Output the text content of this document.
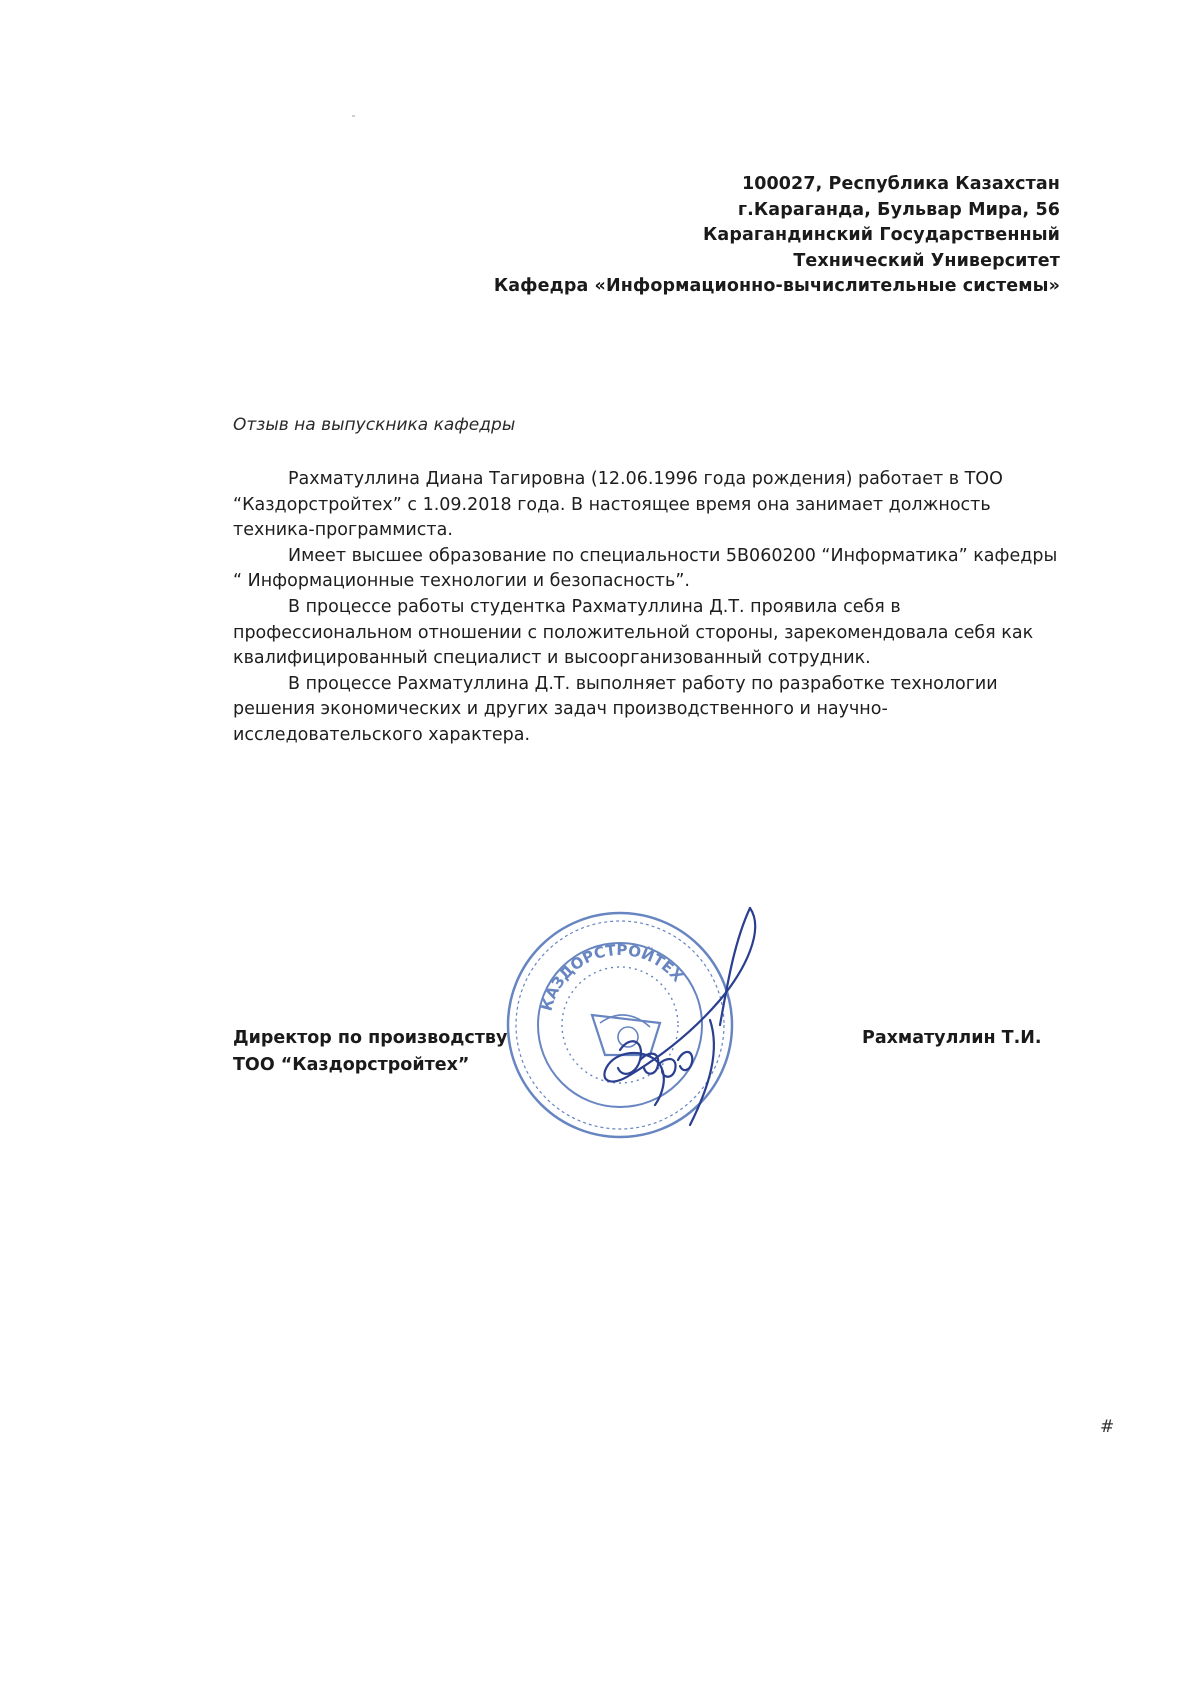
100027, Республика Казахстан
г.Караганда, Бульвар Мира, 56
Карагандинский Государственный
Технический Университет
Кафедра «Информационно-вычислительные системы»
Отзыв на выпускника кафедры

Рахматуллина Диана Тагировна (12.06.1996 года рождения) работает в ТОО “Каздорстройтех” с 1.09.2018 года. В настоящее время она занимает должность техника-программиста.

Имеет высшее образование по специальности 5В060200 “Информатика” кафедры “ Информационные технологии и безопасность”.

В процессе работы студентка Рахматуллина Д.Т. проявила себя в профессиональном отношении с положительной стороны, зарекомендовала себя как квалифицированный специалист и высоорганизованный сотрудник.

В процессе Рахматуллина Д.Т. выполняет работу по разработке технологии решения экономических и других задач производственного и научно-исследовательского характера.

Директор по производству
ТОО “Каздорстройтех”
Рахматуллин Т.И.
КАЗДОРСТРОЙТЕХ
#
